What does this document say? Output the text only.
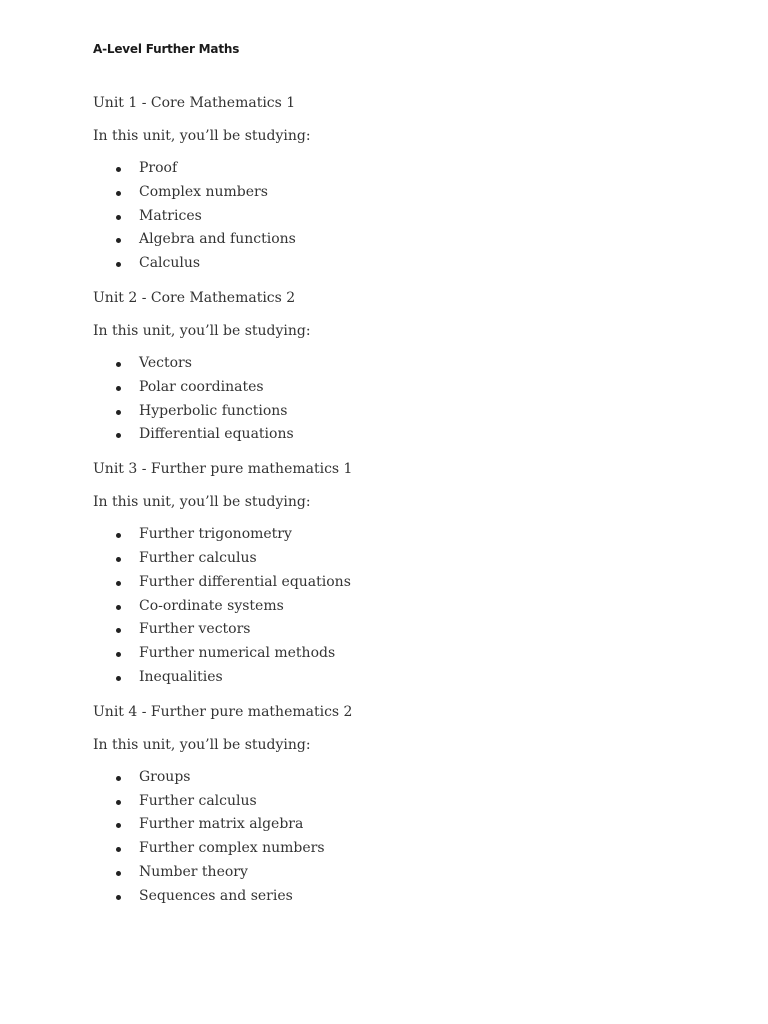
A-Level Further Maths

Unit 1 - Core Mathematics 1

In this unit, you’ll be studying:

Proof
Complex numbers
Matrices
Algebra and functions
Calculus

Unit 2 - Core Mathematics 2

In this unit, you’ll be studying:

Vectors
Polar coordinates
Hyperbolic functions
Differential equations

Unit 3 - Further pure mathematics 1

In this unit, you’ll be studying:

Further trigonometry
Further calculus
Further differential equations
Co-ordinate systems
Further vectors
Further numerical methods
Inequalities

Unit 4 - Further pure mathematics 2

In this unit, you’ll be studying:

Groups
Further calculus
Further matrix algebra
Further complex numbers
Number theory
Sequences and series
